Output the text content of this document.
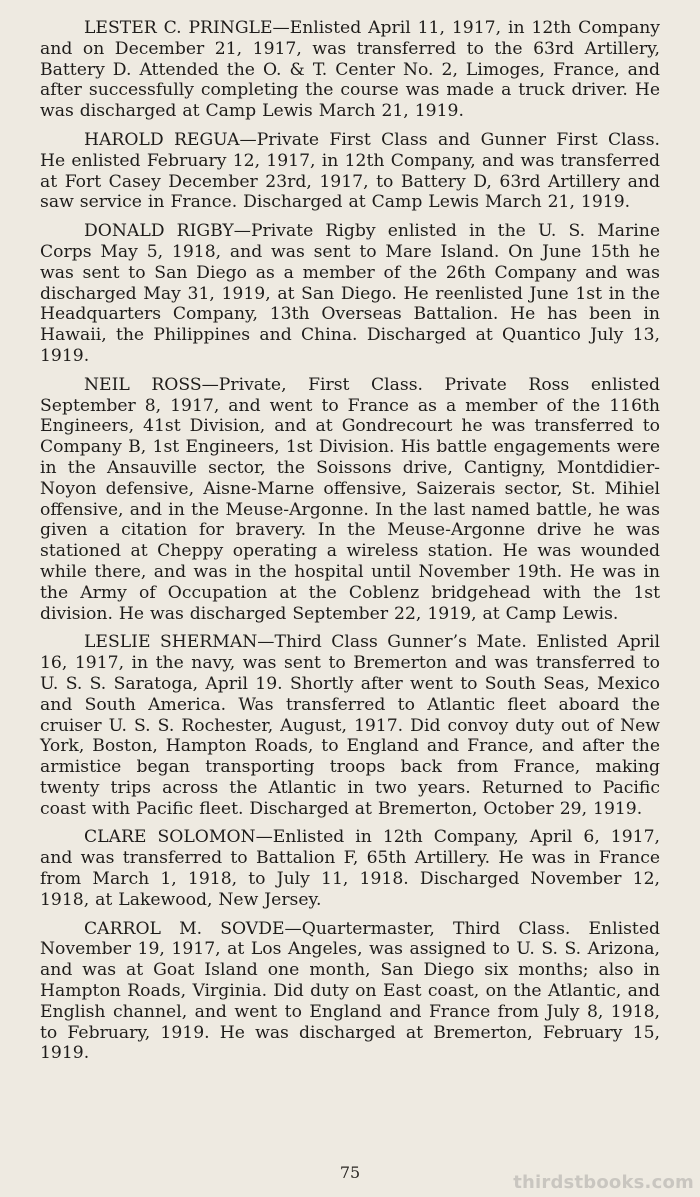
LESTER C. PRINGLE—Enlisted April 11, 1917, in 12th Company and on December 21, 1917, was transferred to the 63rd Artillery, Battery D. Attended the O. & T. Center No. 2, Limoges, France, and after successfully completing the course was made a truck driver. He was discharged at Camp Lewis March 21, 1919.

HAROLD REGUA—Private First Class and Gunner First Class. He enlisted February 12, 1917, in 12th Company, and was transferred at Fort Casey December 23rd, 1917, to Battery D, 63rd Artillery and saw service in France. Discharged at Camp Lewis March 21, 1919.

DONALD RIGBY—Private Rigby enlisted in the U. S. Marine Corps May 5, 1918, and was sent to Mare Island. On June 15th he was sent to San Diego as a member of the 26th Company and was discharged May 31, 1919, at San Diego. He reenlisted June 1st in the Headquarters Company, 13th Overseas Battalion. He has been in Hawaii, the Philippines and China. Discharged at Quantico July 13, 1919.

NEIL ROSS—Private, First Class. Private Ross enlisted September 8, 1917, and went to France as a member of the 116th Engineers, 41st Division, and at Gondrecourt he was transferred to Company B, 1st Engineers, 1st Division. His battle engagements were in the Ansauville sector, the Soissons drive, Cantigny, Montdidier-Noyon defensive, Aisne-Marne offensive, Saizerais sector, St. Mihiel offensive, and in the Meuse-Argonne. In the last named battle, he was given a citation for bravery. In the Meuse-Argonne drive he was stationed at Cheppy operating a wireless station. He was wounded while there, and was in the hospital until November 19th. He was in the Army of Occupation at the Coblenz bridgehead with the 1st division. He was discharged September 22, 1919, at Camp Lewis.

LESLIE SHERMAN—Third Class Gunner’s Mate. Enlisted April 16, 1917, in the navy, was sent to Bremerton and was transferred to U. S. S. Saratoga, April 19. Shortly after went to South Seas, Mexico and South America. Was transferred to Atlantic fleet aboard the cruiser U. S. S. Rochester, August, 1917. Did convoy duty out of New York, Boston, Hampton Roads, to England and France, and after the armistice began transporting troops back from France, making twenty trips across the Atlantic in two years. Returned to Pacific coast with Pacific fleet. Discharged at Bremerton, October 29, 1919.

CLARE SOLOMON—Enlisted in 12th Company, April 6, 1917, and was transferred to Battalion F, 65th Artillery. He was in France from March 1, 1918, to July 11, 1918. Discharged November 12, 1918, at Lakewood, New Jersey.

CARROL M. SOVDE—Quartermaster, Third Class. Enlisted November 19, 1917, at Los Angeles, was assigned to U. S. S. Arizona, and was at Goat Island one month, San Diego six months; also in Hampton Roads, Virginia. Did duty on East coast, on the Atlantic, and English channel, and went to England and France from July 8, 1918, to February, 1919. He was discharged at Bremerton, February 15, 1919.

75	thirdstbooks.com
